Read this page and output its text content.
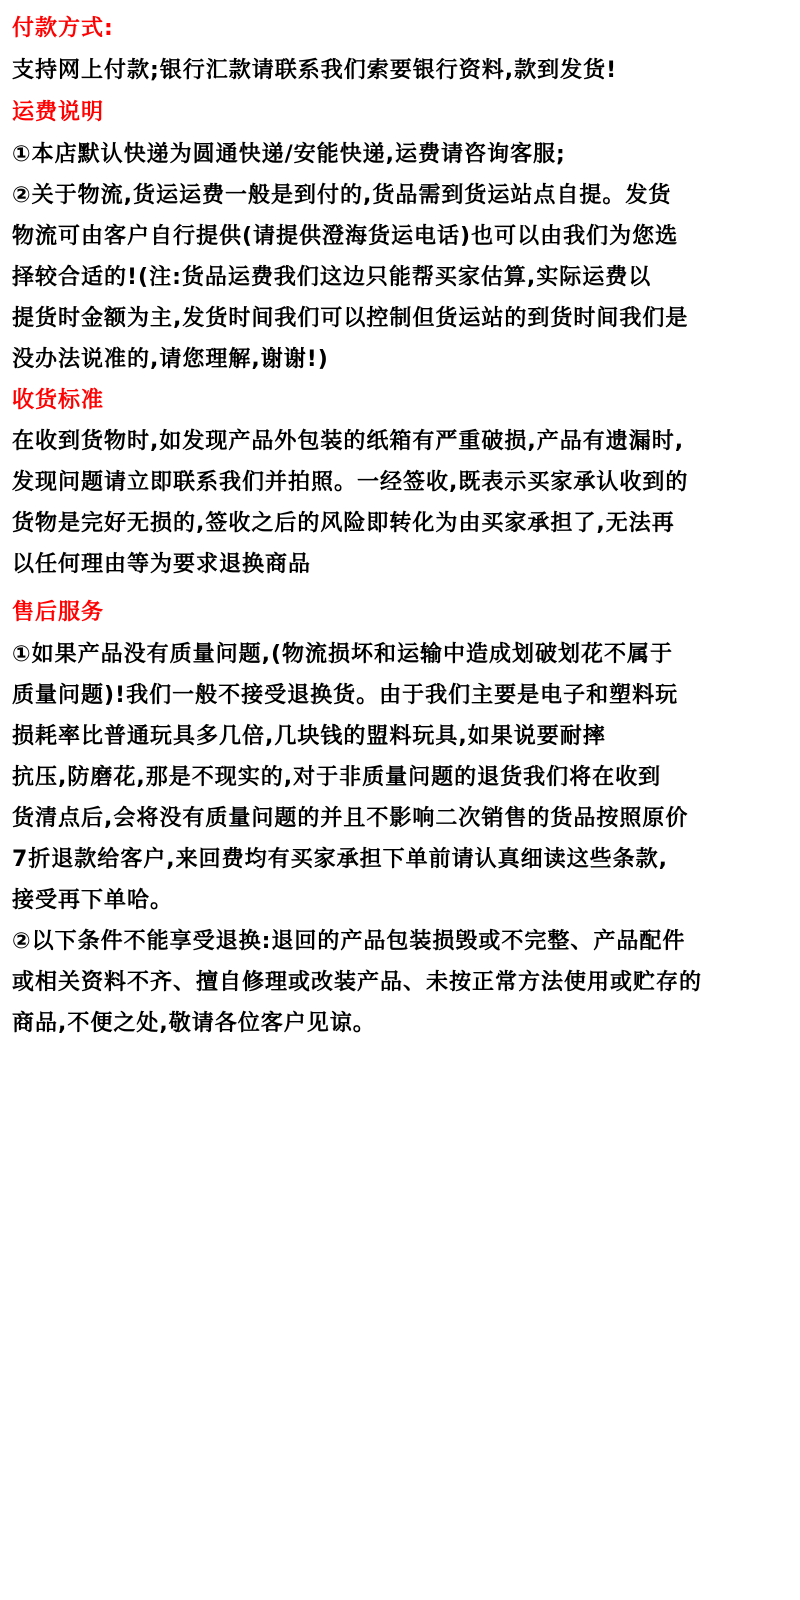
付款方式:

支持网上付款;银行汇款请联系我们索要银行资料,款到发货!

运费说明

①本店默认快递为圆通快递/安能快递,运费请咨询客服;

②关于物流,货运运费一般是到付的,货品需到货运站点自提。发货

物流可由客户自行提供(请提供澄海货运电话)也可以由我们为您选

择较合适的!(注:货品运费我们这边只能帮买家估算,实际运费以

提货时金额为主,发货时间我们可以控制但货运站的到货时间我们是

没办法说准的,请您理解,谢谢!)

收货标准

在收到货物时,如发现产品外包装的纸箱有严重破损,产品有遗漏时,

发现问题请立即联系我们并拍照。一经签收,既表示买家承认收到的

货物是完好无损的,签收之后的风险即转化为由买家承担了,无法再

以任何理由等为要求退换商品

售后服务

①如果产品没有质量问题,(物流损坏和运输中造成划破划花不属于

质量问题)!我们一般不接受退换货。由于我们主要是电子和塑料玩

损耗率比普通玩具多几倍,几块钱的盟料玩具,如果说要耐摔

抗压,防磨花,那是不现实的,对于非质量问题的退货我们将在收到

货清点后,会将没有质量问题的并且不影响二次销售的货品按照原价

7折退款给客户,来回费均有买家承担下单前请认真细读这些条款,

接受再下单哈。

②以下条件不能享受退换:退回的产品包装损毁或不完整、产品配件

或相关资料不齐、擅自修理或改装产品、未按正常方法使用或贮存的

商品,不便之处,敬请各位客户见谅。
